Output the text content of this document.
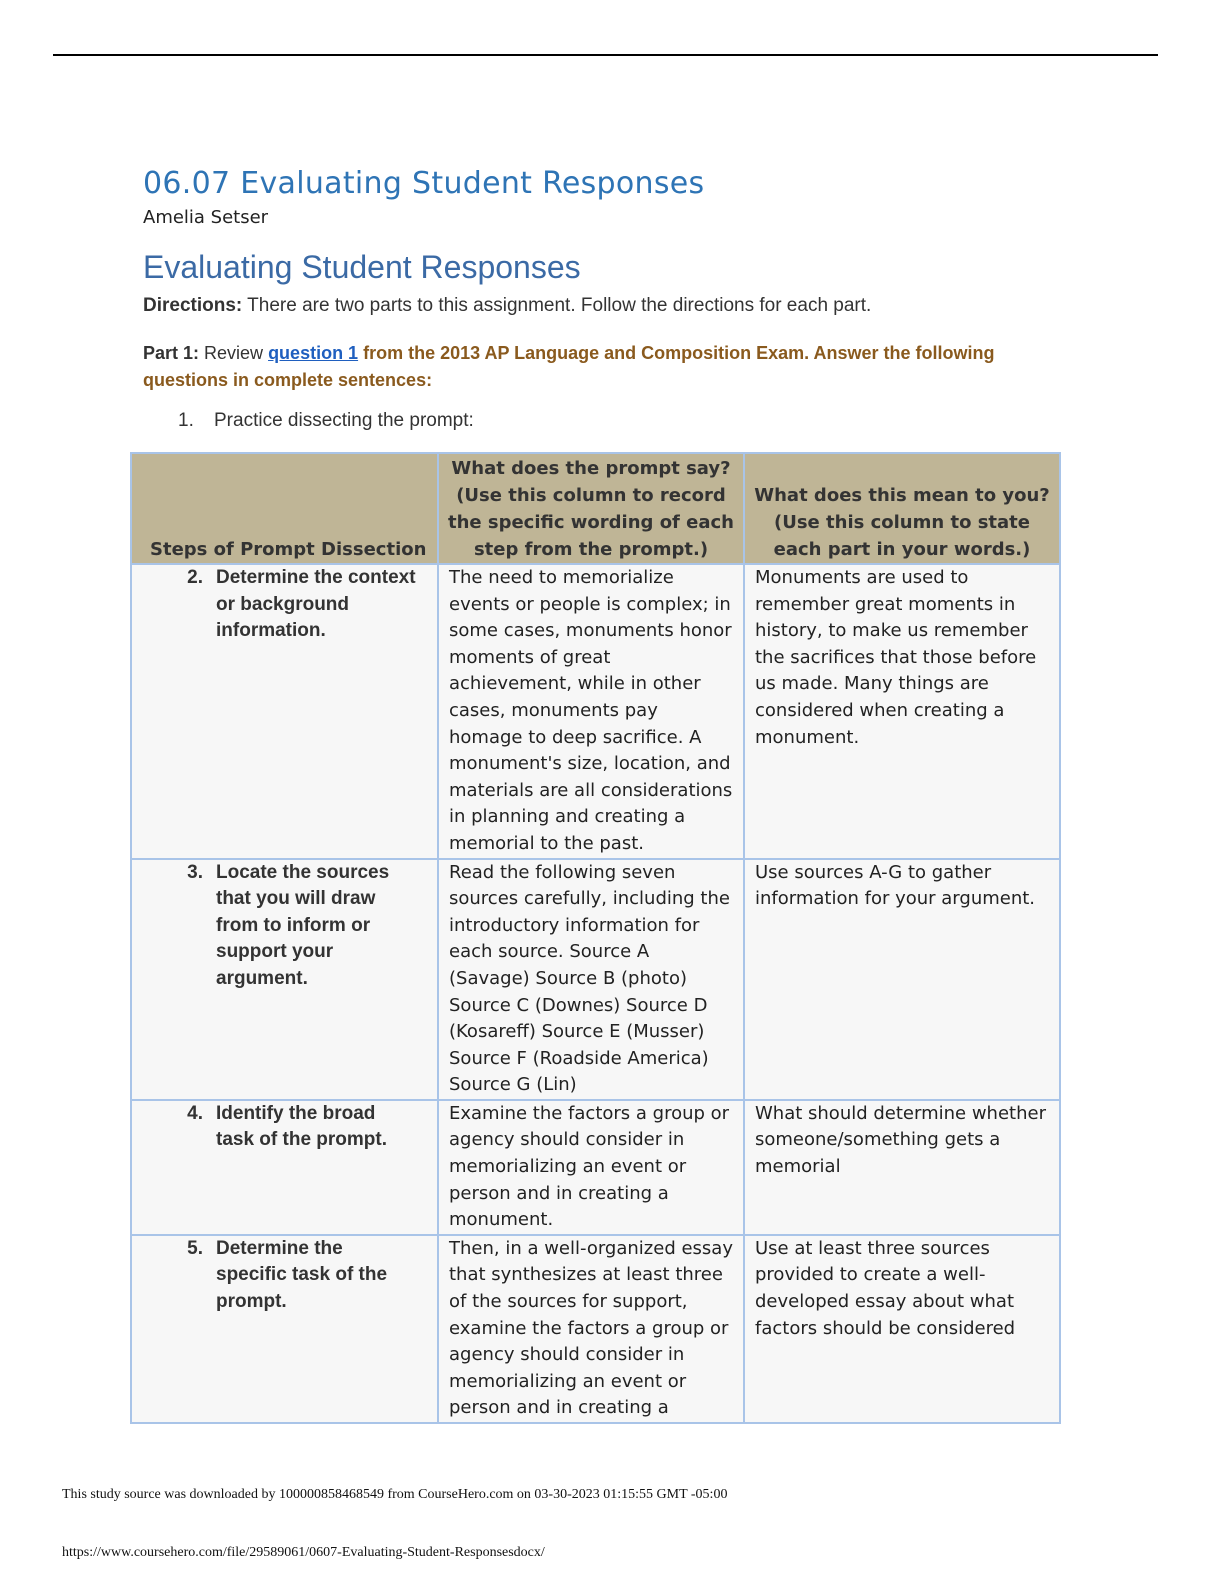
06.07 Evaluating Student Responses
Amelia Setser
Evaluating Student Responses
Directions: There are two parts to this assignment. Follow the directions for each part.
Part 1: Review question 1 from the 2013 AP Language and Composition Exam. Answer the following questions in complete sentences:
1. Practice dissecting the prompt:
Steps of Prompt Dissection	What does the prompt say? (Use this column to record the specific wording of each step from the prompt.)	What does this mean to you? (Use this column to state each part in your words.)

2. Determine the context or background information.	The need to memorialize events or people is complex; in some cases, monuments honor moments of great achievement, while in other cases, monuments pay homage to deep sacrifice. A monument's size, location, and materials are all considerations in planning and creating a memorial to the past.	Monuments are used to remember great moments in history, to make us remember the sacrifices that those before us made. Many things are considered when creating a monument.

3. Locate the sources that you will draw from to inform or support your argument.	Read the following seven sources carefully, including the introductory information for each source. Source A (Savage) Source B (photo) Source C (Downes) Source D (Kosareff) Source E (Musser) Source F (Roadside America) Source G (Lin)	Use sources A-G to gather information for your argument.

4. Identify the broad task of the prompt.	Examine the factors a group or agency should consider in memorializing an event or person and in creating a monument.	What should determine whether someone/something gets a memorial

5. Determine the specific task of the prompt.	Then, in a well-organized essay that synthesizes at least three of the sources for support, examine the factors a group or agency should consider in memorializing an event or person and in creating a	Use at least three sources provided to create a well-developed essay about what factors should be considered
This study source was downloaded by 100000858468549 from CourseHero.com on 03-30-2023 01:15:55 GMT -05:00
https://www.coursehero.com/file/29589061/0607-Evaluating-Student-Responsesdocx/
